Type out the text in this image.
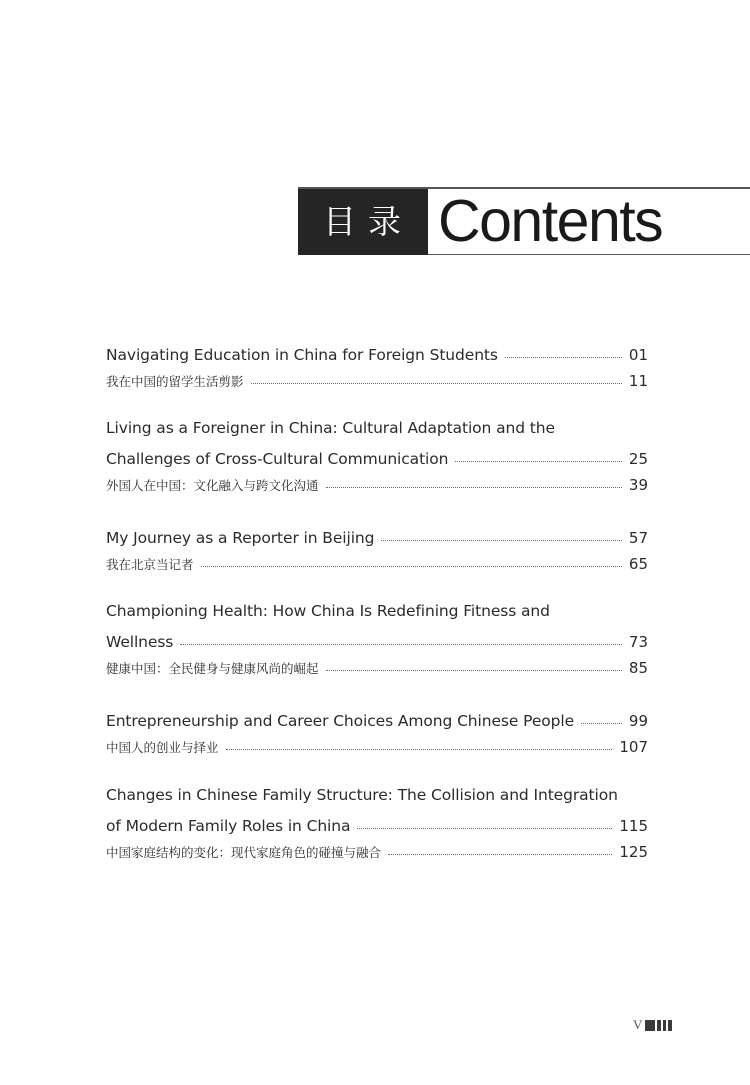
目录 Contents
Navigating Education in China for Foreign Students	01
我在中国的留学生活剪影	11
Living as a Foreigner in China: Cultural Adaptation and the
Challenges of Cross-Cultural Communication	25
外国人在中国：文化融入与跨文化沟通	39
My Journey as a Reporter in Beijing	57
我在北京当记者	65
Championing Health: How China Is Redefining Fitness and
Wellness	73
健康中国：全民健身与健康风尚的崛起	85
Entrepreneurship and Career Choices Among Chinese People	99
中国人的创业与择业	107
Changes in Chinese Family Structure: The Collision and Integration
of Modern Family Roles in China	115
中国家庭结构的变化：现代家庭角色的碰撞与融合	125
V
